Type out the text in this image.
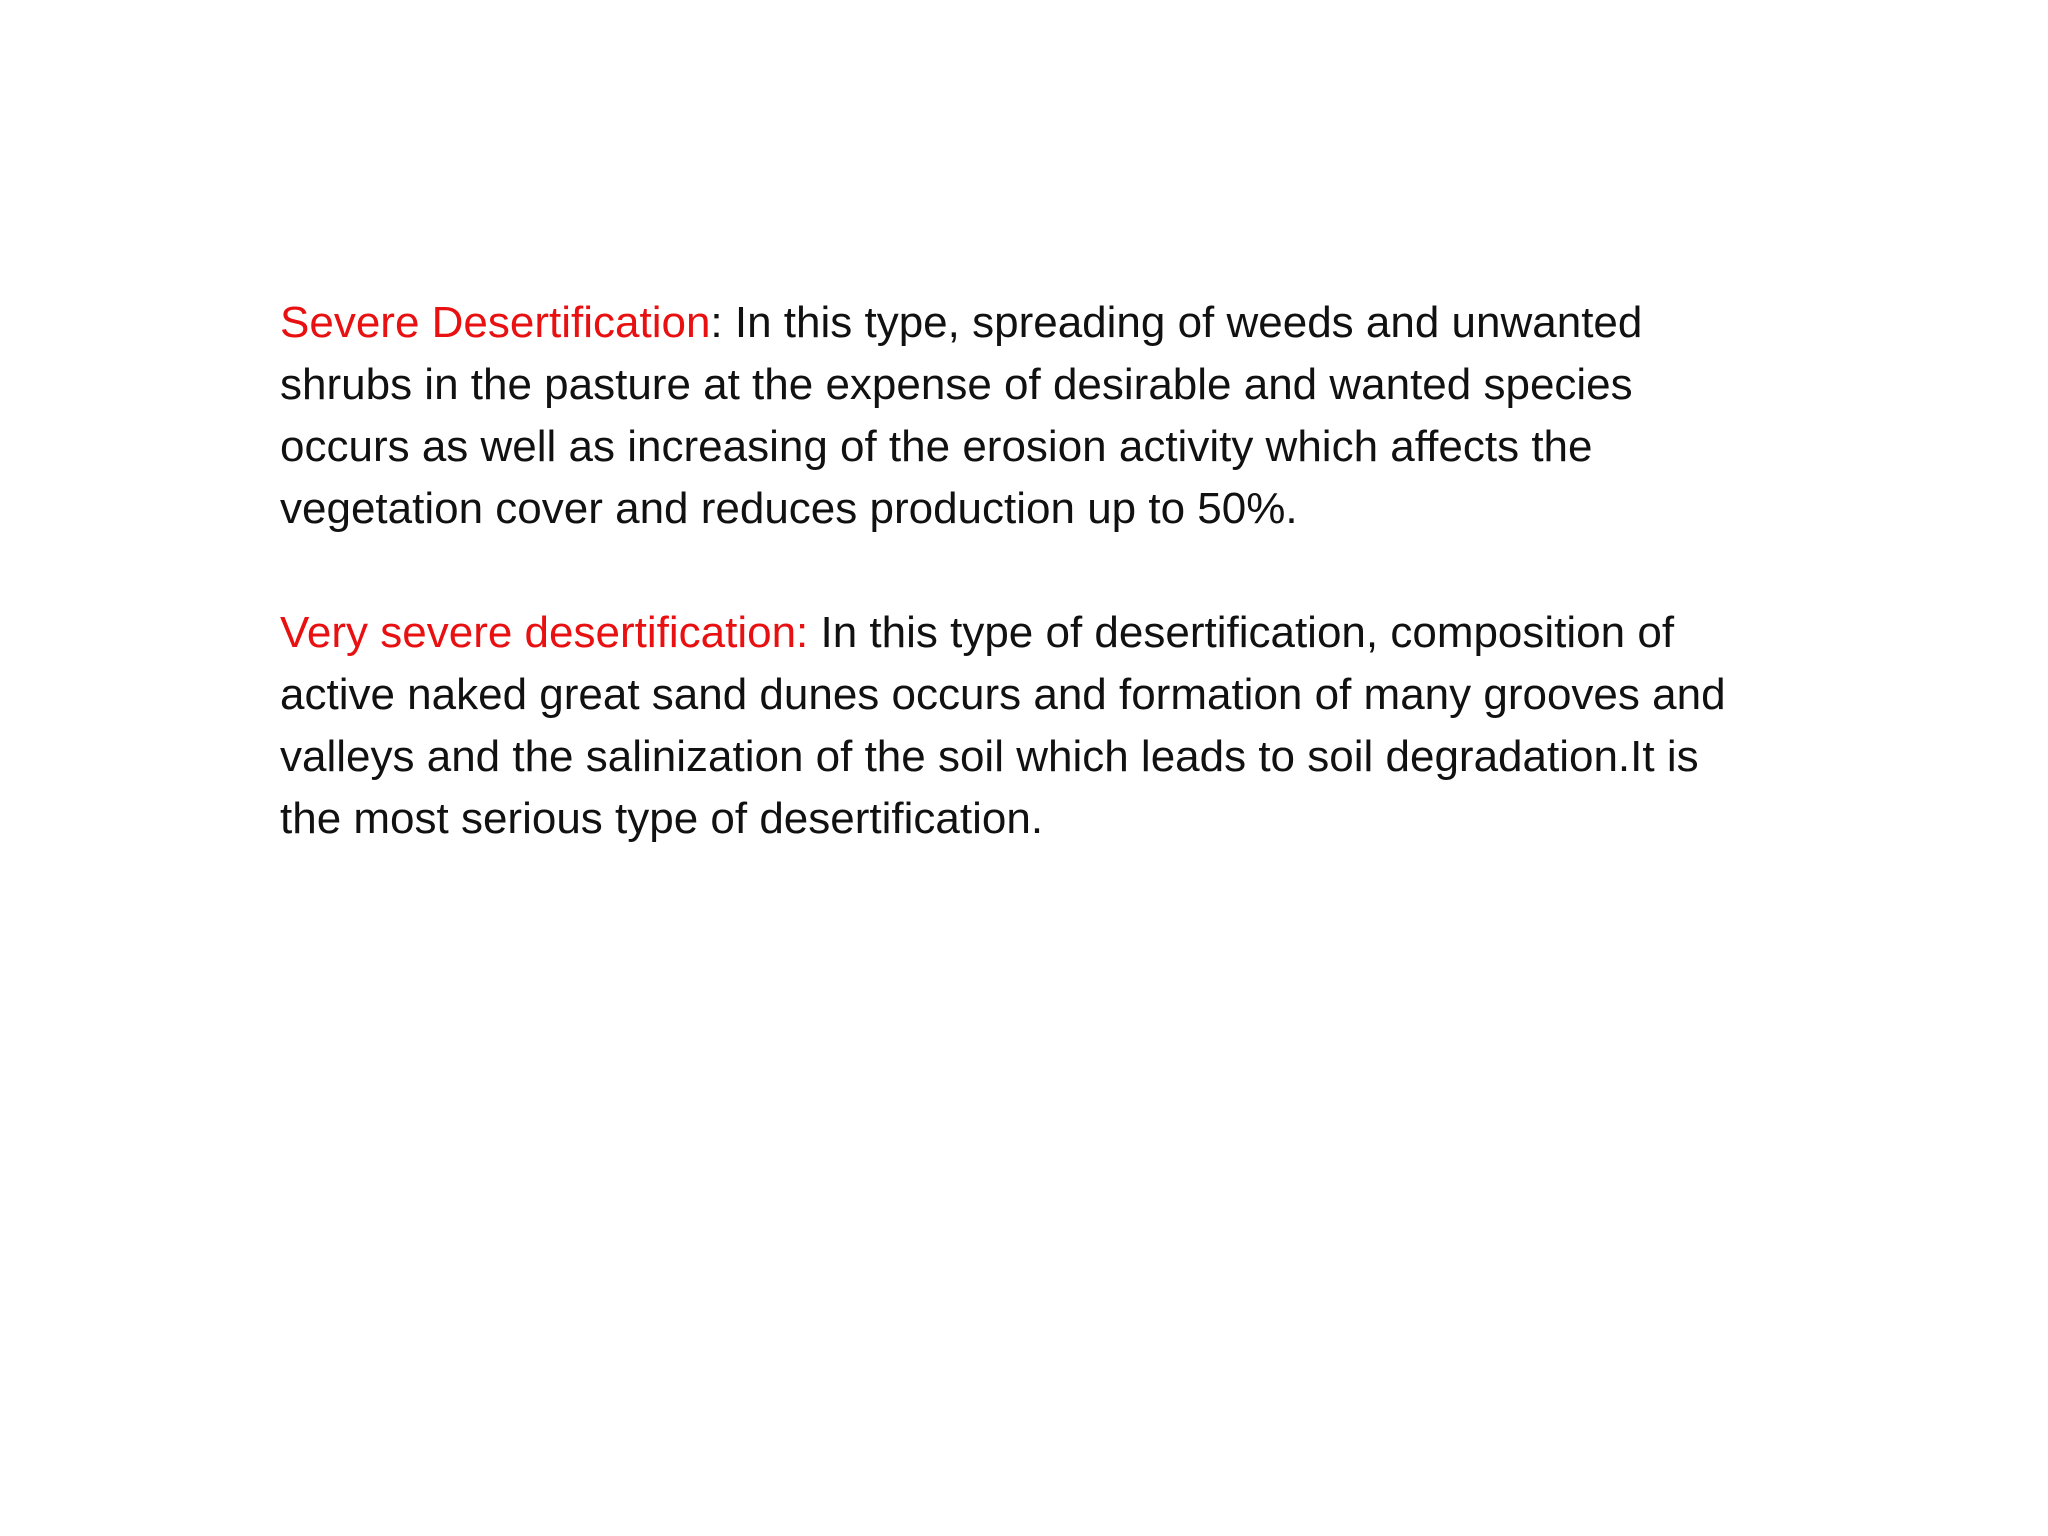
Severe Desertification: In this type, spreading of weeds and unwanted shrubs in the pasture at the expense of desirable and wanted species occurs as well as increasing of the erosion activity which affects the vegetation cover and reduces production up to 50%.

Very severe desertification: In this type of desertification, composition of active naked great sand dunes occurs and formation of many grooves and valleys and the salinization of the soil which leads to soil degradation.It is the most serious type of desertification.
